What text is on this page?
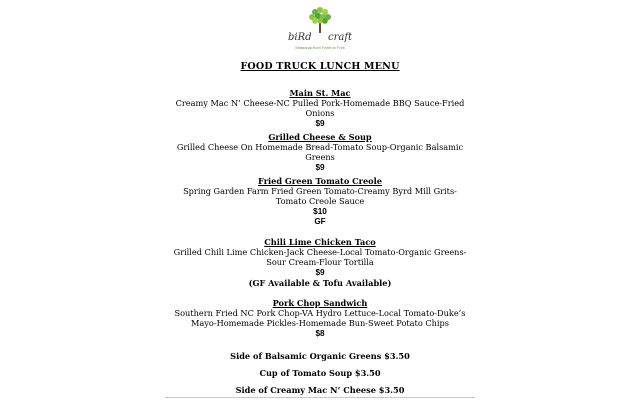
biRd craft
Seasonal from Farm to Fork
FOOD TRUCK LUNCH MENU
Main St. Mac
Creamy Mac N’ Cheese-NC Pulled Pork-Homemade BBQ Sauce-Fried Onions
$9
Grilled Cheese & Soup
Grilled Cheese On Homemade Bread-Tomato Soup-Organic Balsamic Greens
$9
Fried Green Tomato Creole
Spring Garden Farm Fried Green Tomato-Creamy Byrd Mill Grits-Tomato Creole Sauce
$10
GF
Chili Lime Chicken Taco
Grilled Chili Lime Chicken-Jack Cheese-Local Tomato-Organic Greens-Sour Cream-Flour Tortilla
$9
(GF Available & Tofu Available)
Pork Chop Sandwich
Southern Fried NC Pork Chop-VA Hydro Lettuce-Local Tomato-Duke’s Mayo-Homemade Pickles-Homemade Bun-Sweet Potato Chips
$8
Side of Balsamic Organic Greens $3.50
Cup of Tomato Soup $3.50
Side of Creamy Mac N’ Cheese $3.50
